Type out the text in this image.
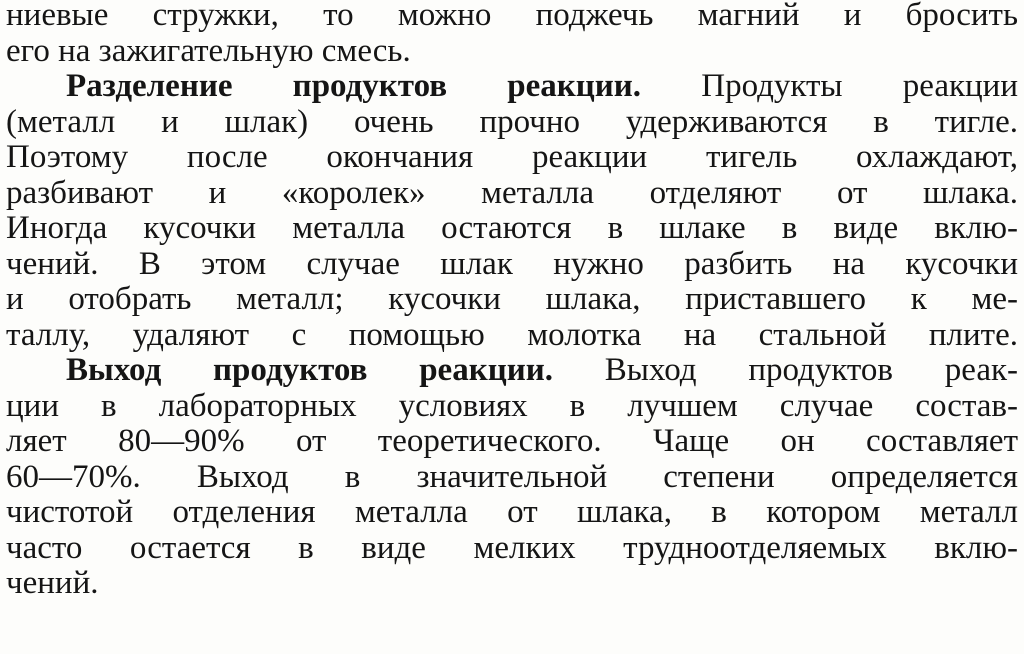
ниевые стружки, то можно поджечь магний и бросить
его на зажигательную смесь.
Разделение продуктов реакции. Продукты реакции
(металл и шлак) очень прочно удерживаются в тигле.
Поэтому после окончания реакции тигель охлаждают,
разбивают и «королек» металла отделяют от шлака.
Иногда кусочки металла остаются в шлаке в виде вклю-
чений. В этом случае шлак нужно разбить на кусочки
и отобрать металл; кусочки шлака, приставшего к ме-
таллу, удаляют с помощью молотка на стальной плите.
Выход продуктов реакции. Выход продуктов реак-
ции в лабораторных условиях в лучшем случае состав-
ляет 80—90% от теоретического. Чаще он составляет
60—70%. Выход в значительной степени определяется
чистотой отделения металла от шлака, в котором металл
часто остается в виде мелких трудноотделяемых вклю-
чений.
